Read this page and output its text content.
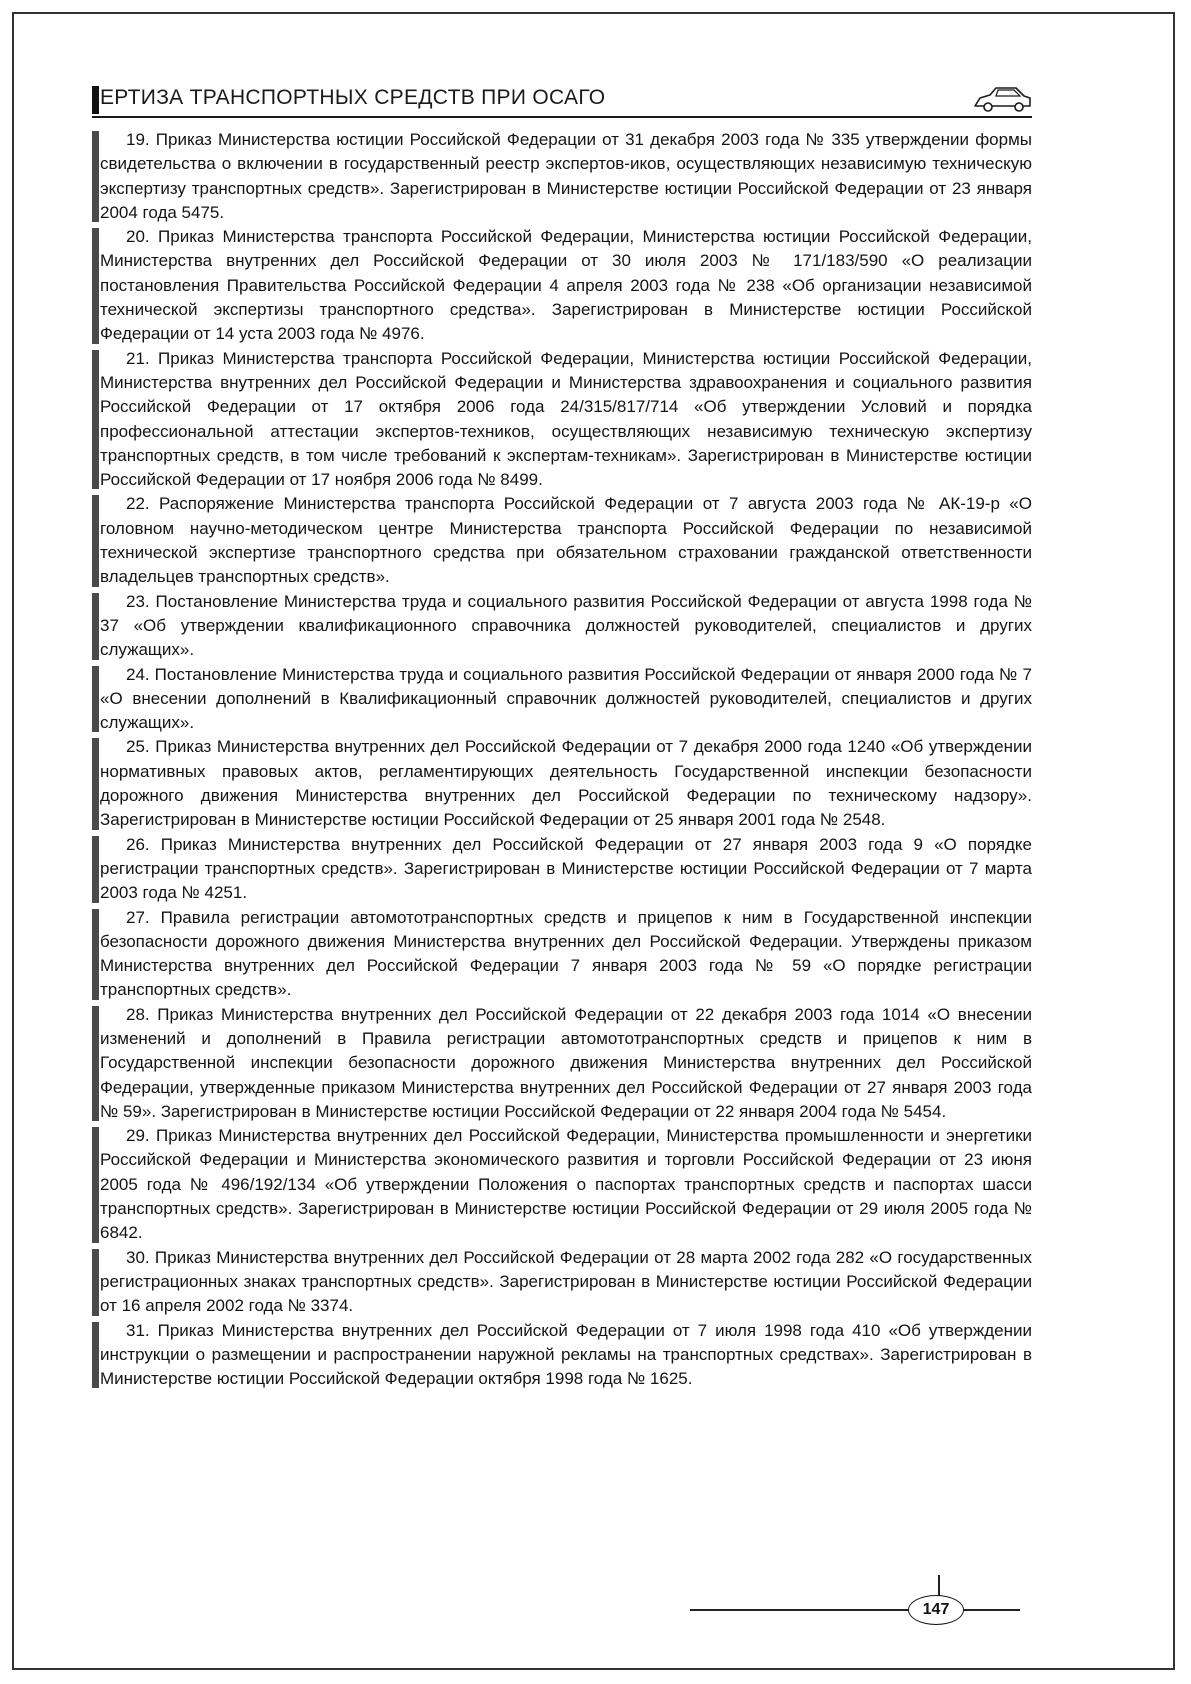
ЕРТИЗА ТРАНСПОРТНЫХ СРЕДСТВ ПРИ ОСАГО

19. Приказ Министерства юстиции Российской Федерации от 31 декабря 2003 года № 335 утверждении формы свидетельства о включении в государственный реестр экспертов-иков, осуществляющих независимую техническую экспертизу транспортных средств». Зарегистрирован в Министерстве юстиции Российской Федерации от 23 января 2004 года 5475.

20. Приказ Министерства транспорта Российской Федерации, Министерства юстиции Российской Федерации, Министерства внутренних дел Российской Федерации от 30 июля 2003 № 171/183/590 «О реализации постановления Правительства Российской Федерации 4 апреля 2003 года № 238 «Об организации независимой технической экспертизы транспортного средства». Зарегистрирован в Министерстве юстиции Российской Федерации от 14 уста 2003 года № 4976.

21. Приказ Министерства транспорта Российской Федерации, Министерства юстиции Российской Федерации, Министерства внутренних дел Российской Федерации и Министерства здравоохранения и социального развития Российской Федерации от 17 октября 2006 года 24/315/817/714 «Об утверждении Условий и порядка профессиональной аттестации экспертов-техников, осуществляющих независимую техническую экспертизу транспортных средств, в том числе требований к экспертам-техникам». Зарегистрирован в Министерстве юстиции Российской Федерации от 17 ноября 2006 года № 8499.

22. Распоряжение Министерства транспорта Российской Федерации от 7 августа 2003 года № АК-19-р «О головном научно-методическом центре Министерства транспорта Российской Федерации по независимой технической экспертизе транспортного средства при обязательном страховании гражданской ответственности владельцев транспортных средств».

23. Постановление Министерства труда и социального развития Российской Федерации от августа 1998 года № 37 «Об утверждении квалификационного справочника должностей руководителей, специалистов и других служащих».

24. Постановление Министерства труда и социального развития Российской Федерации от января 2000 года № 7 «О внесении дополнений в Квалификационный справочник должностей руководителей, специалистов и других служащих».

25. Приказ Министерства внутренних дел Российской Федерации от 7 декабря 2000 года 1240 «Об утверждении нормативных правовых актов, регламентирующих деятельность Государственной инспекции безопасности дорожного движения Министерства внутренних дел Российской Федерации по техническому надзору». Зарегистрирован в Министерстве юстиции Российской Федерации от 25 января 2001 года № 2548.

26. Приказ Министерства внутренних дел Российской Федерации от 27 января 2003 года 9 «О порядке регистрации транспортных средств». Зарегистрирован в Министерстве юстиции Российской Федерации от 7 марта 2003 года № 4251.

27. Правила регистрации автомототранспортных средств и прицепов к ним в Государственной инспекции безопасности дорожного движения Министерства внутренних дел Российской Федерации. Утверждены приказом Министерства внутренних дел Российской Федерации 7 января 2003 года № 59 «О порядке регистрации транспортных средств».

28. Приказ Министерства внутренних дел Российской Федерации от 22 декабря 2003 года 1014 «О внесении изменений и дополнений в Правила регистрации автомототранспортных средств и прицепов к ним в Государственной инспекции безопасности дорожного движения Министерства внутренних дел Российской Федерации, утвержденные приказом Министерства внутренних дел Российской Федерации от 27 января 2003 года № 59». Зарегистрирован в Министерстве юстиции Российской Федерации от 22 января 2004 года № 5454.

29. Приказ Министерства внутренних дел Российской Федерации, Министерства промышленности и энергетики Российской Федерации и Министерства экономического развития и торговли Российской Федерации от 23 июня 2005 года № 496/192/134 «Об утверждении Положения о паспортах транспортных средств и паспортах шасси транспортных средств». Зарегистрирован в Министерстве юстиции Российской Федерации от 29 июля 2005 года № 6842.

30. Приказ Министерства внутренних дел Российской Федерации от 28 марта 2002 года 282 «О государственных регистрационных знаках транспортных средств». Зарегистрирован в Министерстве юстиции Российской Федерации от 16 апреля 2002 года № 3374.

31. Приказ Министерства внутренних дел Российской Федерации от 7 июля 1998 года 410 «Об утверждении инструкции о размещении и распространении наружной рекламы на транспортных средствах». Зарегистрирован в Министерстве юстиции Российской Федерации октября 1998 года № 1625.

147
